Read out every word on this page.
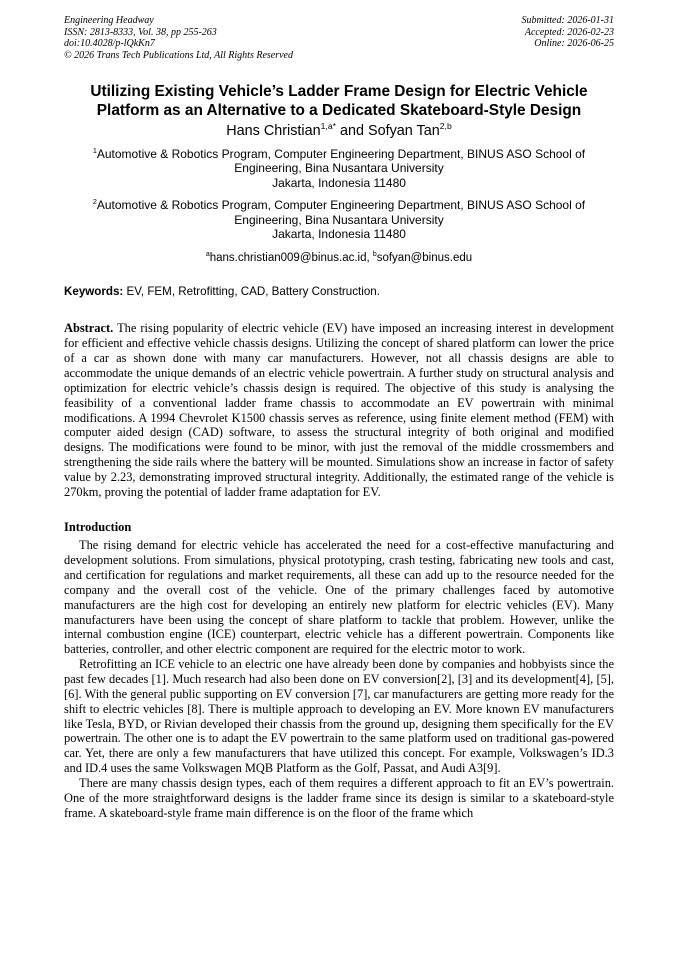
Engineering Headway
ISSN: 2813-8333, Vol. 38, pp 255-263
doi:10.4028/p-lQkKn7
© 2026 Trans Tech Publications Ltd, All Rights Reserved
Submitted: 2026-01-31
Accepted: 2026-02-23
Online: 2026-06-25
Utilizing Existing Vehicle’s Ladder Frame Design for Electric Vehicle Platform as an Alternative to a Dedicated Skateboard-Style Design
Hans Christian$^{1,a*}$ and Sofyan Tan$^{2,b}$
$^1$Automotive & Robotics Program, Computer Engineering Department, BINUS ASO School of Engineering, Bina Nusantara University
Jakarta, Indonesia 11480
$^2$Automotive & Robotics Program, Computer Engineering Department, BINUS ASO School of Engineering, Bina Nusantara University
Jakarta, Indonesia 11480
$^a$hans.christian009@binus.ac.id, $^b$sofyan@binus.edu
Keywords: EV, FEM, Retrofitting, CAD, Battery Construction.
Abstract. The rising popularity of electric vehicle (EV) have imposed an increasing interest in development for efficient and effective vehicle chassis designs. Utilizing the concept of shared platform can lower the price of a car as shown done with many car manufacturers. However, not all chassis designs are able to accommodate the unique demands of an electric vehicle powertrain. A further study on structural analysis and optimization for electric vehicle’s chassis design is required. The objective of this study is analysing the feasibility of a conventional ladder frame chassis to accommodate an EV powertrain with minimal modifications. A 1994 Chevrolet K1500 chassis serves as reference, using finite element method (FEM) with computer aided design (CAD) software, to assess the structural integrity of both original and modified designs. The modifications were found to be minor, with just the removal of the middle crossmembers and strengthening the side rails where the battery will be mounted. Simulations show an increase in factor of safety value by 2.23, demonstrating improved structural integrity. Additionally, the estimated range of the vehicle is 270km, proving the potential of ladder frame adaptation for EV.
Introduction

The rising demand for electric vehicle has accelerated the need for a cost-effective manufacturing and development solutions. From simulations, physical prototyping, crash testing, fabricating new tools and cast, and certification for regulations and market requirements, all these can add up to the resource needed for the company and the overall cost of the vehicle. One of the primary challenges faced by automotive manufacturers are the high cost for developing an entirely new platform for electric vehicles (EV). Many manufacturers have been using the concept of share platform to tackle that problem. However, unlike the internal combustion engine (ICE) counterpart, electric vehicle has a different powertrain. Components like batteries, controller, and other electric component are required for the electric motor to work.

Retrofitting an ICE vehicle to an electric one have already been done by companies and hobbyists since the past few decades [1]. Much research had also been done on EV conversion[2], [3] and its development[4], [5], [6]. With the general public supporting on EV conversion [7], car manufacturers are getting more ready for the shift to electric vehicles [8]. There is multiple approach to developing an EV. More known EV manufacturers like Tesla, BYD, or Rivian developed their chassis from the ground up, designing them specifically for the EV powertrain. The other one is to adapt the EV powertrain to the same platform used on traditional gas-powered car. Yet, there are only a few manufacturers that have utilized this concept. For example, Volkswagen’s ID.3 and ID.4 uses the same Volkswagen MQB Platform as the Golf, Passat, and Audi A3[9].

There are many chassis design types, each of them requires a different approach to fit an EV’s powertrain. One of the more straightforward designs is the ladder frame since its design is similar to a skateboard-style frame. A skateboard-style frame main difference is on the floor of the frame which
